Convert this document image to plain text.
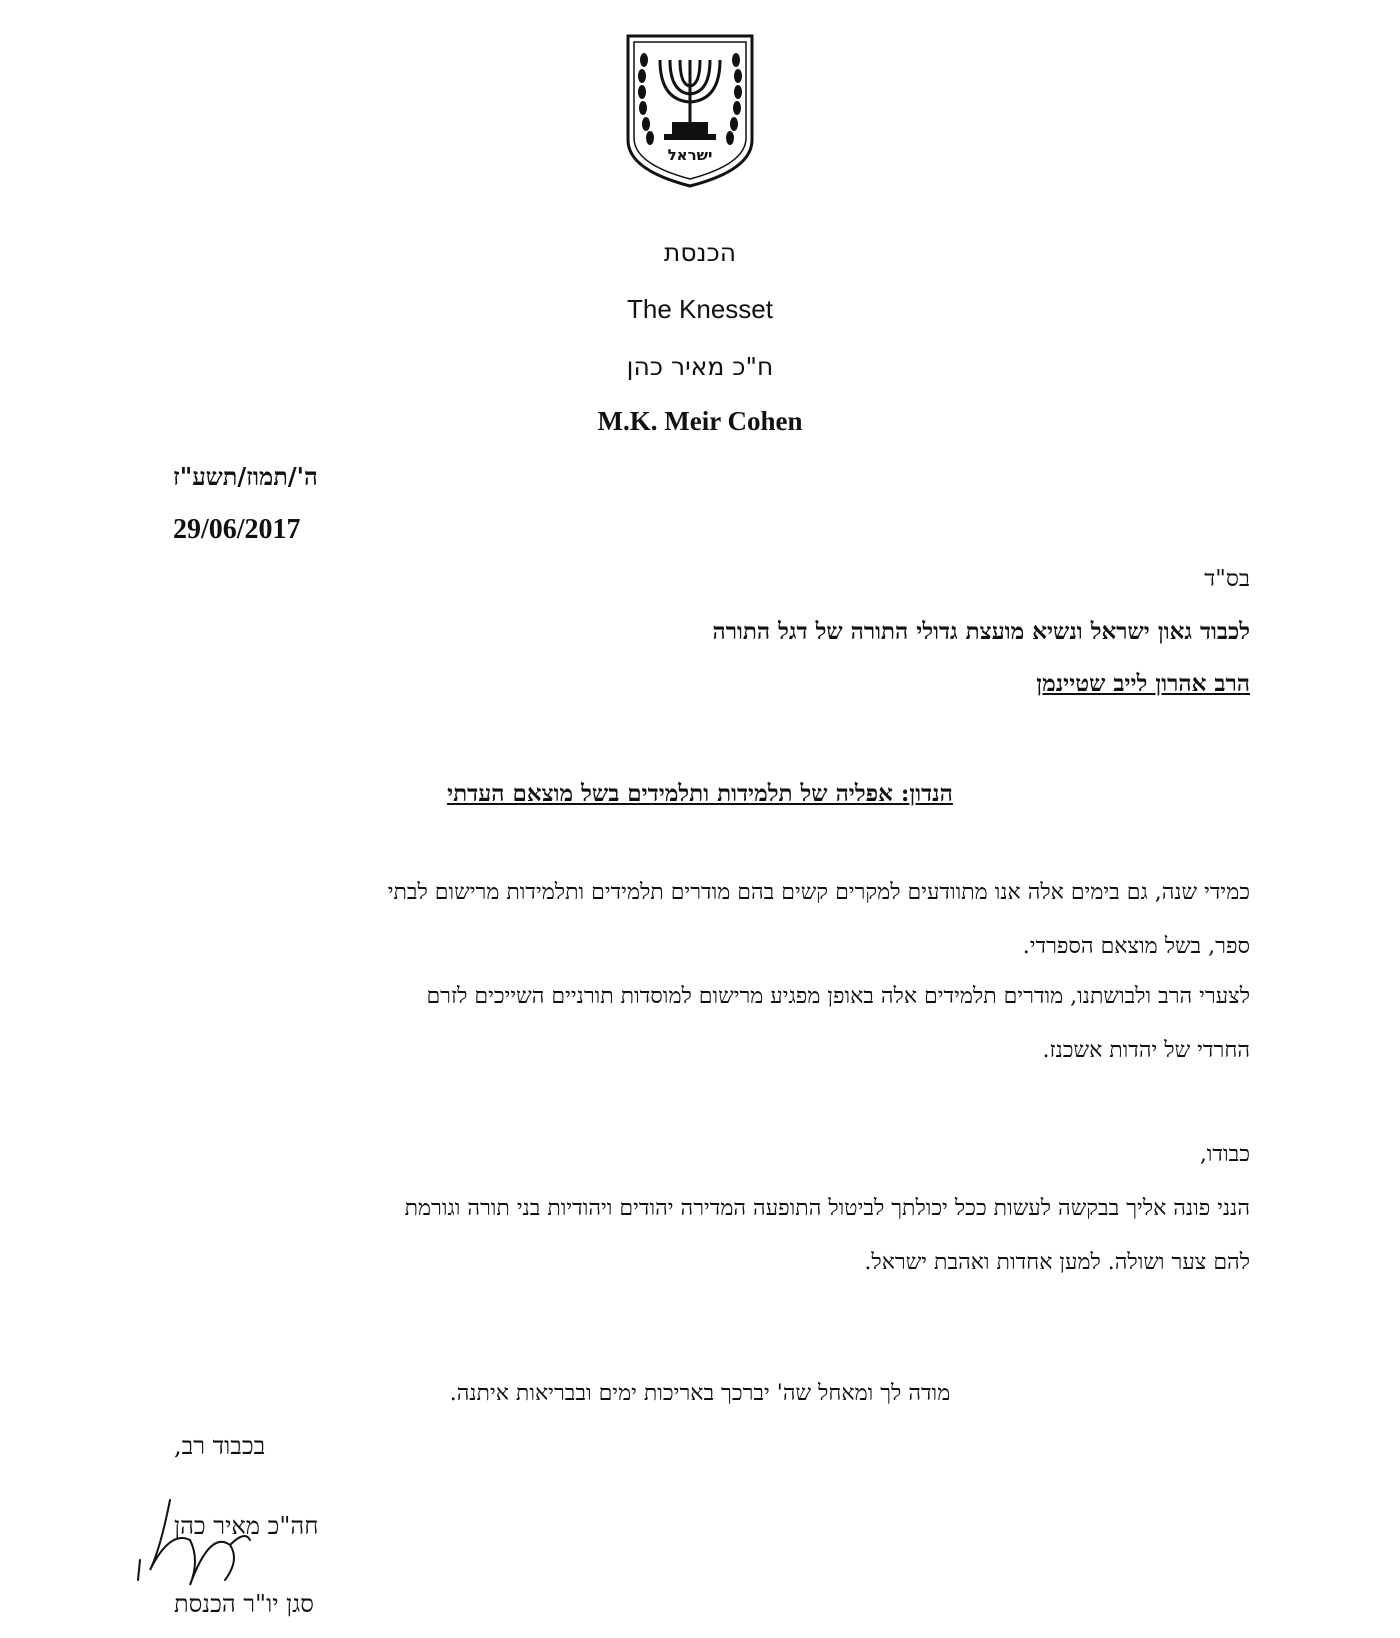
ישראל
הכנסת
The Knesset
ח"כ מאיר כהן
M.K. Meir Cohen
ה'/תמוז/תשע"ז
29/06/2017
בס"ד
לכבוד גאון ישראל ונשיא מועצת גדולי התורה של דגל התורה
הרב אהרון לייב שטיינמן
הנדון: אפליה של תלמידות ותלמידים בשל מוצאם העדתי
כמידי שנה, גם בימים אלה אנו מתוודעים למקרים קשים בהם מודרים תלמידים ותלמידות מרישום לבתי
ספר, בשל מוצאם הספרדי.
לצערי הרב ולבושתנו, מודרים תלמידים אלה באופן מפגיע מרישום למוסדות תורניים השייכים לזרם
החרדי של יהדות אשכנז.
כבודו,
הנני פונה אליך בבקשה לעשות ככל יכולתך לביטול התופעה המדירה יהודים ויהודיות בני תורה וגורמת
להם צער ושולה. למען אחדות ואהבת ישראל.
מודה לך ומאחל שה' יברכך באריכות ימים ובבריאות איתנה.
בכבוד רב,
חה"כ מאיר כהן
סגן יו"ר הכנסת
